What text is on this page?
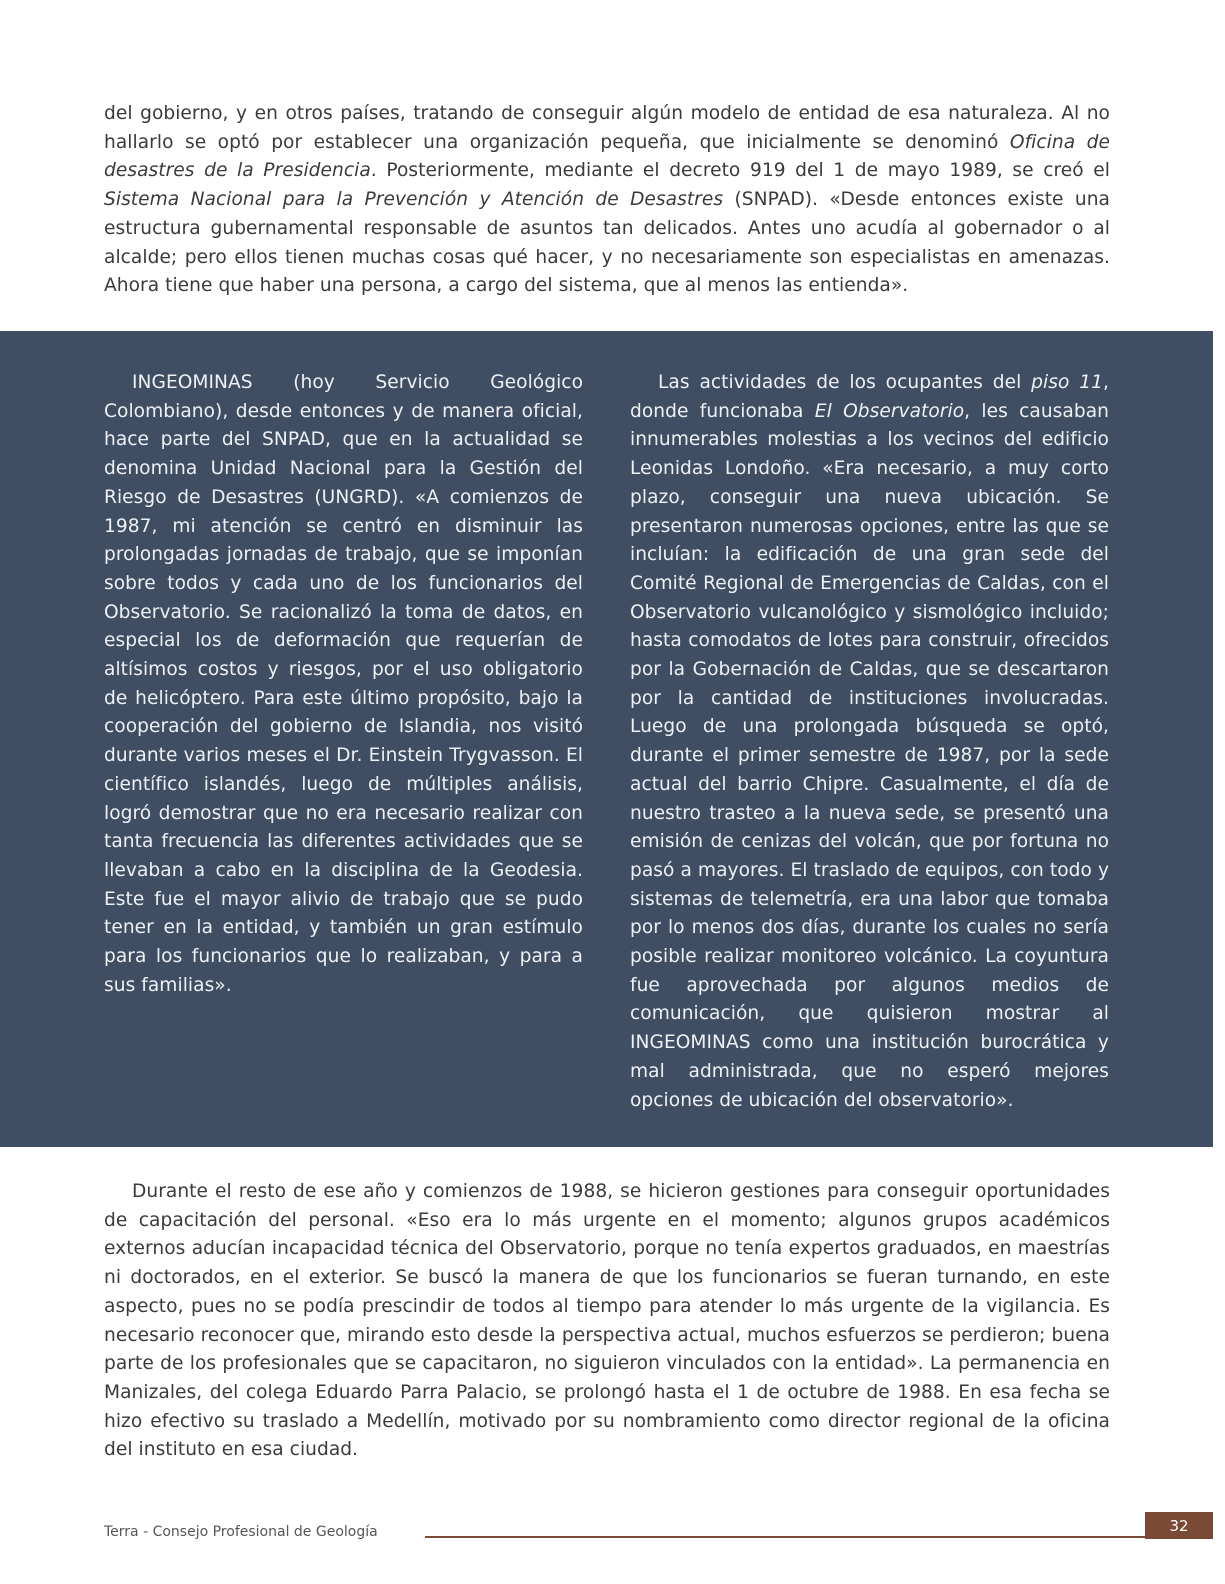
del gobierno, y en otros países, tratando de conseguir algún modelo de entidad de esa naturaleza. Al no hallarlo se optó por establecer una organización pequeña, que inicialmente se denominó Oficina de desastres de la Presidencia. Posteriormente, mediante el decreto 919 del 1 de mayo 1989, se creó el Sistema Nacional para la Prevención y Atención de Desastres (SNPAD). «Desde entonces existe una estructura gubernamental responsable de asuntos tan delicados. Antes uno acudía al gobernador o al alcalde; pero ellos tienen muchas cosas qué hacer, y no necesariamente son especialistas en amenazas. Ahora tiene que haber una persona, a cargo del sistema, que al menos las entienda».

INGEOMINAS (hoy Servicio Geológico Colombiano), desde entonces y de manera oficial, hace parte del SNPAD, que en la actualidad se denomina Unidad Nacional para la Gestión del Riesgo de Desastres (UNGRD). «A comienzos de 1987, mi atención se centró en disminuir las prolongadas jornadas de trabajo, que se imponían sobre todos y cada uno de los funcionarios del Observatorio. Se racionalizó la toma de datos, en especial los de deformación que requerían de altísimos costos y riesgos, por el uso obligatorio de helicóptero. Para este último propósito, bajo la cooperación del gobierno de Islandia, nos visitó durante varios meses el Dr. Einstein Trygvasson. El científico islandés, luego de múltiples análisis, logró demostrar que no era necesario realizar con tanta frecuencia las diferentes actividades que se llevaban a cabo en la disciplina de la Geodesia. Este fue el mayor alivio de trabajo que se pudo tener en la entidad, y también un gran estímulo para los funcionarios que lo realizaban, y para a sus familias».

Las actividades de los ocupantes del piso 11, donde funcionaba El Observatorio, les causaban innumerables molestias a los vecinos del edificio Leonidas Londoño. «Era necesario, a muy corto plazo, conseguir una nueva ubicación. Se presentaron numerosas opciones, entre las que se incluían: la edificación de una gran sede del Comité Regional de Emergencias de Caldas, con el Observatorio vulcanológico y sismológico incluido; hasta comodatos de lotes para construir, ofrecidos por la Gobernación de Caldas, que se descartaron por la cantidad de instituciones involucradas. Luego de una prolongada búsqueda se optó, durante el primer semestre de 1987, por la sede actual del barrio Chipre. Casualmente, el día de nuestro trasteo a la nueva sede, se presentó una emisión de cenizas del volcán, que por fortuna no pasó a mayores. El traslado de equipos, con todo y sistemas de telemetría, era una labor que tomaba por lo menos dos días, durante los cuales no sería posible realizar monitoreo volcánico. La coyuntura fue aprovechada por algunos medios de comunicación, que quisieron mostrar al INGEOMINAS como una institución burocrática y mal administrada, que no esperó mejores opciones de ubicación del observatorio».

Durante el resto de ese año y comienzos de 1988, se hicieron gestiones para conseguir oportunidades de capacitación del personal. «Eso era lo más urgente en el momento; algunos grupos académicos externos aducían incapacidad técnica del Observatorio, porque no tenía expertos graduados, en maestrías ni doctorados, en el exterior. Se buscó la manera de que los funcionarios se fueran turnando, en este aspecto, pues no se podía prescindir de todos al tiempo para atender lo más urgente de la vigilancia. Es necesario reconocer que, mirando esto desde la perspectiva actual, muchos esfuerzos se perdieron; buena parte de los profesionales que se capacitaron, no siguieron vinculados con la entidad». La permanencia en Manizales, del colega Eduardo Parra Palacio, se prolongó hasta el 1 de octubre de 1988. En esa fecha se hizo efectivo su traslado a Medellín, motivado por su nombramiento como director regional de la oficina del instituto en esa ciudad.

Terra - Consejo Profesional de Geología	32
